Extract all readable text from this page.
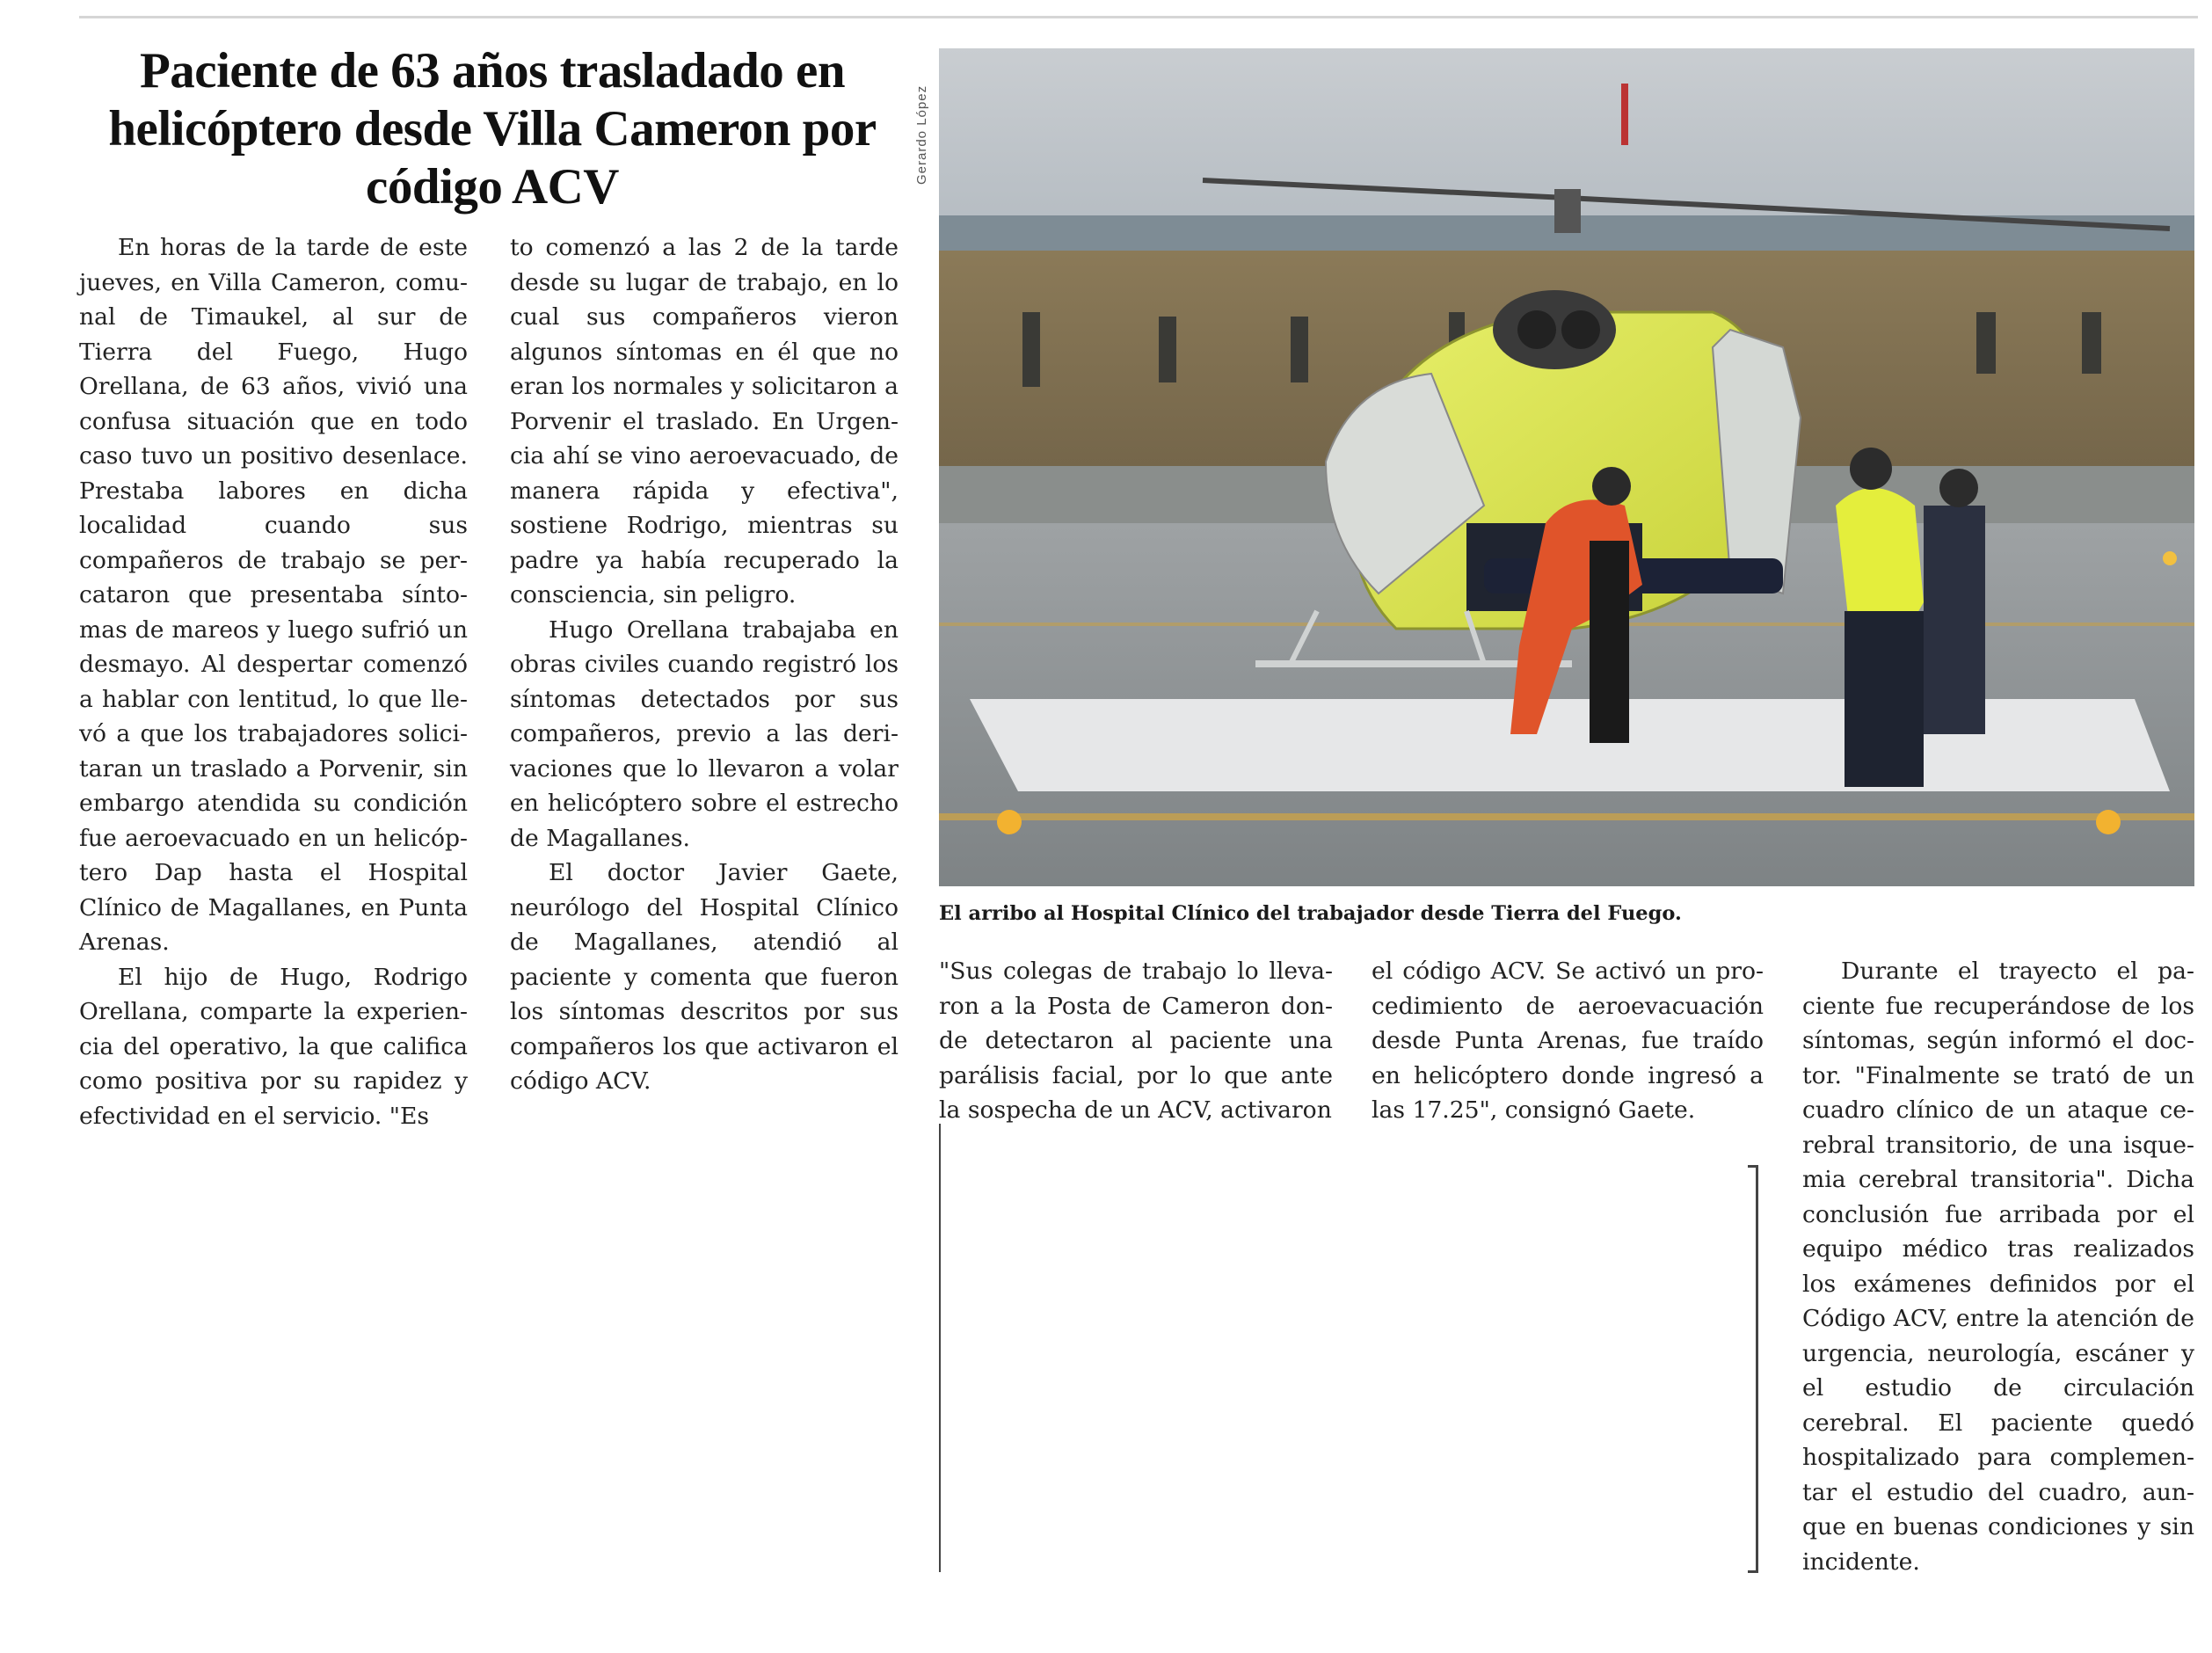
Paciente de 63 años trasladado en helicóptero desde Villa Cameron por código ACV

En horas de la tarde de este jueves, en Villa Cameron, comunal de Timaukel, al sur de Tierra del Fuego, Hugo Orellana, de 63 años, vivió una confusa situación que en todo caso tuvo un positivo desenlace. Prestaba labores en dicha localidad cuando sus compañeros de trabajo se percataron que presentaba síntomas de mareos y luego sufrió un desmayo. Al despertar comenzó a hablar con lentitud, lo que llevó a que los trabajadores solicitaran un traslado a Porvenir, sin embargo atendida su condición fue aeroevacuado en un helicóptero Dap hasta el Hospital Clínico de Magallanes, en Punta Arenas.

El hijo de Hugo, Rodrigo Orellana, comparte la experiencia del operativo, la que califica como positiva por su rapidez y efectividad en el servicio. "Es

to comenzó a las 2 de la tarde desde su lugar de trabajo, en lo cual sus compañeros vieron algunos síntomas en él que no eran los normales y solicitaron a Porvenir el traslado. En Urgencia ahí se vino aeroevacuado, de manera rápida y efectiva", sostiene Rodrigo, mientras su padre ya había recuperado la consciencia, sin peligro.

Hugo Orellana trabajaba en obras civiles cuando registró los síntomas detectados por sus compañeros, previo a las derivaciones que lo llevaron a volar en helicóptero sobre el estrecho de Magallanes.

El doctor Javier Gaete, neurólogo del Hospital Clínico de Magallanes, atendió al paciente y comenta que fueron los síntomas descritos por sus compañeros los que activaron el código ACV.

Gerardo López

El arribo al Hospital Clínico del trabajador desde Tierra del Fuego.

"Sus colegas de trabajo lo llevaron a la Posta de Cameron donde detectaron al paciente una parálisis facial, por lo que ante la sospecha de un ACV, activaron

el código ACV. Se activó un procedimiento de aeroevacuación desde Punta Arenas, fue traído en helicóptero donde ingresó a las 17.25", consignó Gaete.

Durante el trayecto el paciente fue recuperándose de los síntomas, según informó el doctor. "Finalmente se trató de un cuadro clínico de un ataque cerebral transitorio, de una isquemia cerebral transitoria". Dicha conclusión fue arribada por el equipo médico tras realizados los exámenes definidos por el Código ACV, entre la atención de urgencia, neurología, escáner y el estudio de circulación cerebral. El paciente quedó hospitalizado para complementar el estudio del cuadro, aunque en buenas condiciones y sin incidente.
